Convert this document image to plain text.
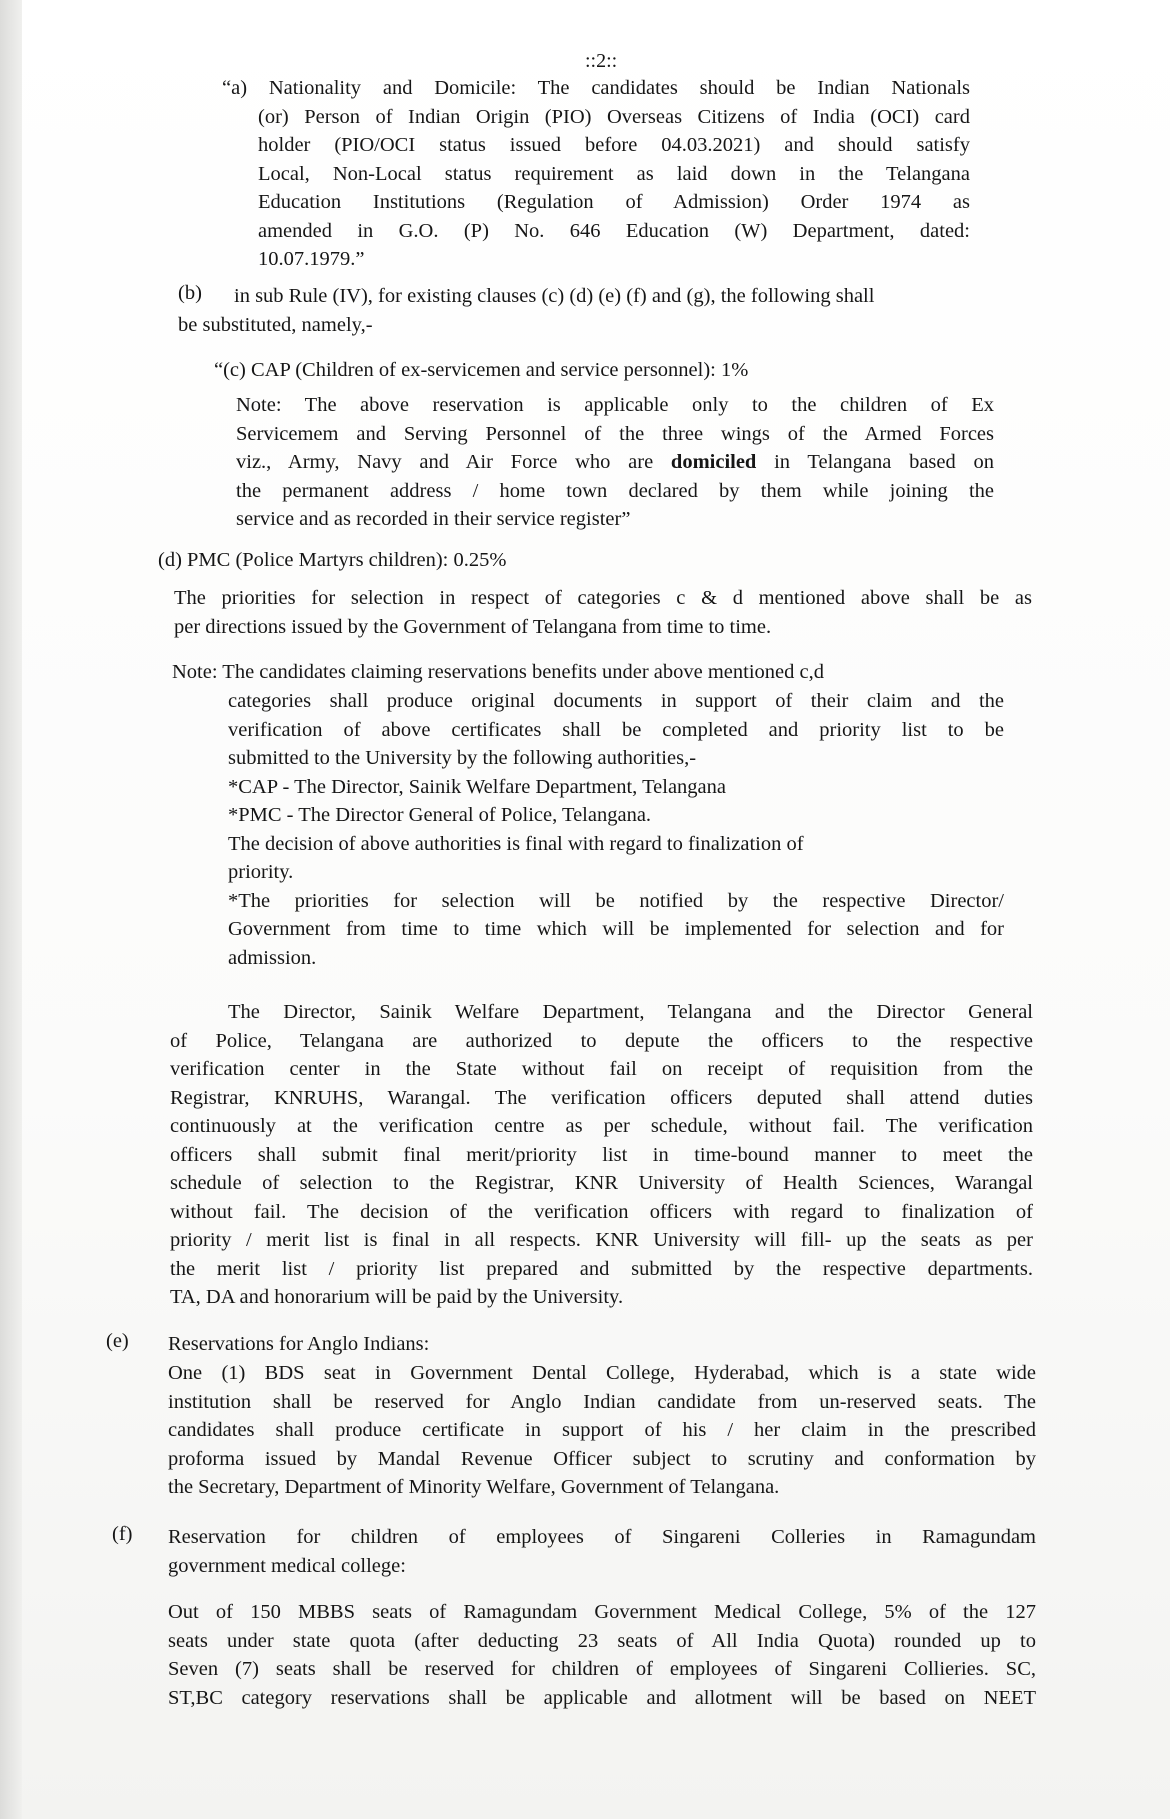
::2::
“a) Nationality and Domicile: The candidates should be Indian Nationals
(or) Person of Indian Origin (PIO) Overseas Citizens of India (OCI) card
holder (PIO/OCI status issued before 04.03.2021) and should satisfy
Local, Non-Local status requirement as laid down in the Telangana
Education Institutions (Regulation of Admission) Order 1974 as
amended in G.O. (P) No. 646 Education (W) Department, dated:
10.07.1979.”
(b)	in sub Rule (IV), for existing clauses (c) (d) (e) (f) and (g), the following shall
be substituted, namely,-
“(c) CAP (Children of ex-servicemen and service personnel): 1%
Note: The above reservation is applicable only to the children of Ex
Servicemem and Serving Personnel of the three wings of the Armed Forces
viz., Army, Navy and Air Force who are domiciled in Telangana based on
the permanent address / home town declared by them while joining the
service and as recorded in their service register”
(d) PMC (Police Martyrs children): 0.25%
The priorities for selection in respect of categories c & d mentioned above shall be as
per directions issued by the Government of Telangana from time to time.
Note: The candidates claiming reservations benefits under above mentioned c,d
categories shall produce original documents in support of their claim and the
verification of above certificates shall be completed and priority list to be
submitted to the University by the following authorities,-
*CAP - The Director, Sainik Welfare Department, Telangana
*PMC - The Director General of Police, Telangana.
The decision of above authorities is final with regard to finalization of
priority.
*The priorities for selection will be notified by the respective Director/
Government from time to time which will be implemented for selection and for
admission.
The Director, Sainik Welfare Department, Telangana and the Director General
of Police, Telangana are authorized to depute the officers to the respective
verification center in the State without fail on receipt of requisition from the
Registrar, KNRUHS, Warangal. The verification officers deputed shall attend duties
continuously at the verification centre as per schedule, without fail. The verification
officers shall submit final merit/priority list in time-bound manner to meet the
schedule of selection to the Registrar, KNR University of Health Sciences, Warangal
without fail. The decision of the verification officers with regard to finalization of
priority / merit list is final in all respects. KNR University will fill- up the seats as per
the merit list / priority list prepared and submitted by the respective departments.
TA, DA and honorarium will be paid by the University.
(e) Reservations for Anglo Indians:
One (1) BDS seat in Government Dental College, Hyderabad, which is a state wide
institution shall be reserved for Anglo Indian candidate from un-reserved seats. The
candidates shall produce certificate in support of his / her claim in the prescribed
proforma issued by Mandal Revenue Officer subject to scrutiny and conformation by
the Secretary, Department of Minority Welfare, Government of Telangana.
(f) Reservation for children of employees of Singareni Colleries in Ramagundam
government medical college:
Out of 150 MBBS seats of Ramagundam Government Medical College, 5% of the 127
seats under state quota (after deducting 23 seats of All India Quota) rounded up to
Seven (7) seats shall be reserved for children of employees of Singareni Collieries. SC,
ST,BC category reservations shall be applicable and allotment will be based on NEET
